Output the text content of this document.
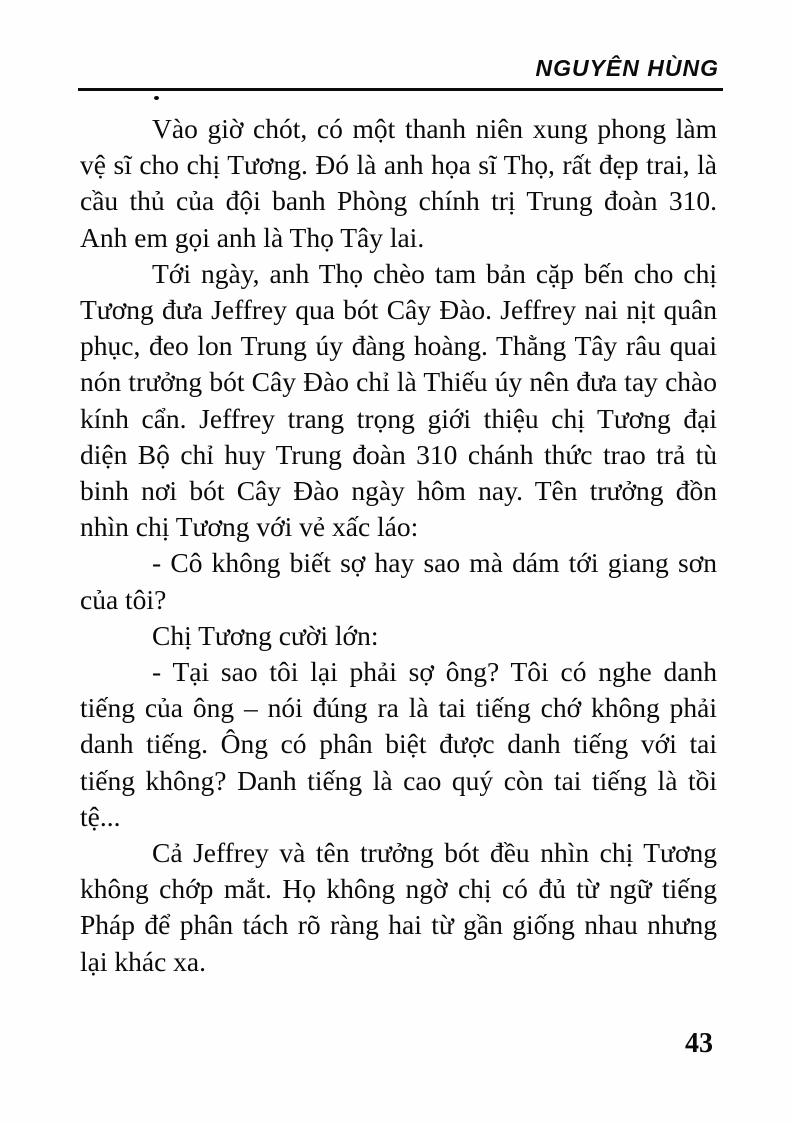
NGUYÊN HÙNG

Vào giờ chót, có một thanh niên xung phong làm vệ sĩ cho chị Tương. Đó là anh họa sĩ Thọ, rất đẹp trai, là cầu thủ của đội banh Phòng chính trị Trung đoàn 310. Anh em gọi anh là Thọ Tây lai.

Tới ngày, anh Thọ chèo tam bản cặp bến cho chị Tương đưa Jeffrey qua bót Cây Đào. Jeffrey nai nịt quân phục, đeo lon Trung úy đàng hoàng. Thằng Tây râu quai nón trưởng bót Cây Đào chỉ là Thiếu úy nên đưa tay chào kính cẩn. Jeffrey trang trọng giới thiệu chị Tương đại diện Bộ chỉ huy Trung đoàn 310 chánh thức trao trả tù binh nơi bót Cây Đào ngày hôm nay. Tên trưởng đồn nhìn chị Tương với vẻ xấc láo:

- Cô không biết sợ hay sao mà dám tới giang sơn của tôi?

Chị Tương cười lớn:

- Tại sao tôi lại phải sợ ông? Tôi có nghe danh tiếng của ông – nói đúng ra là tai tiếng chớ không phải danh tiếng. Ông có phân biệt được danh tiếng với tai tiếng không? Danh tiếng là cao quý còn tai tiếng là tồi tệ...

Cả Jeffrey và tên trưởng bót đều nhìn chị Tương không chớp mắt. Họ không ngờ chị có đủ từ ngữ tiếng Pháp để phân tách rõ ràng hai từ gần giống nhau nhưng lại khác xa.

43
